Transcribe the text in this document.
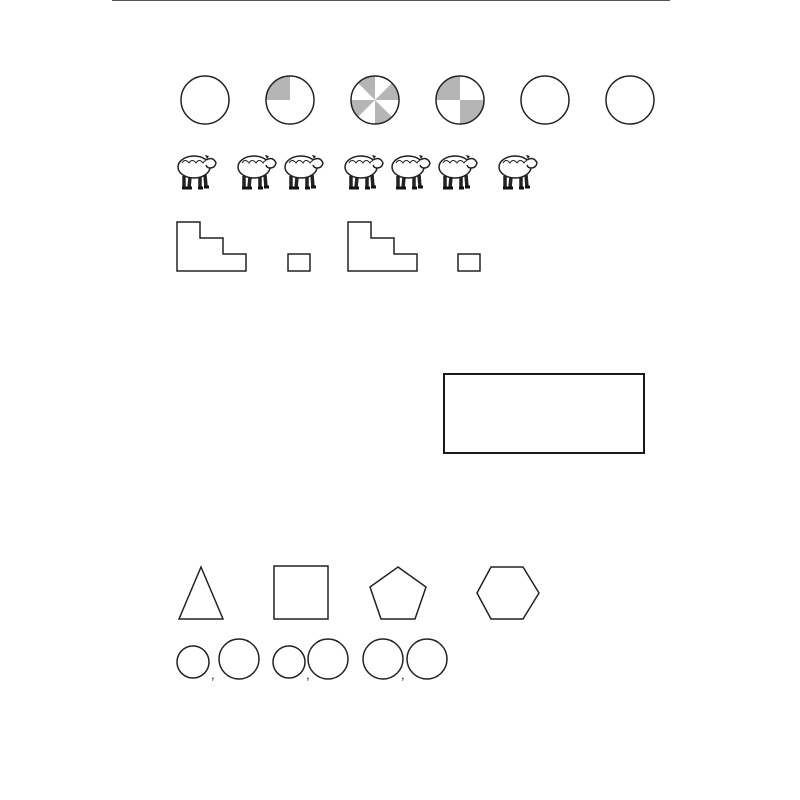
,	,	,
